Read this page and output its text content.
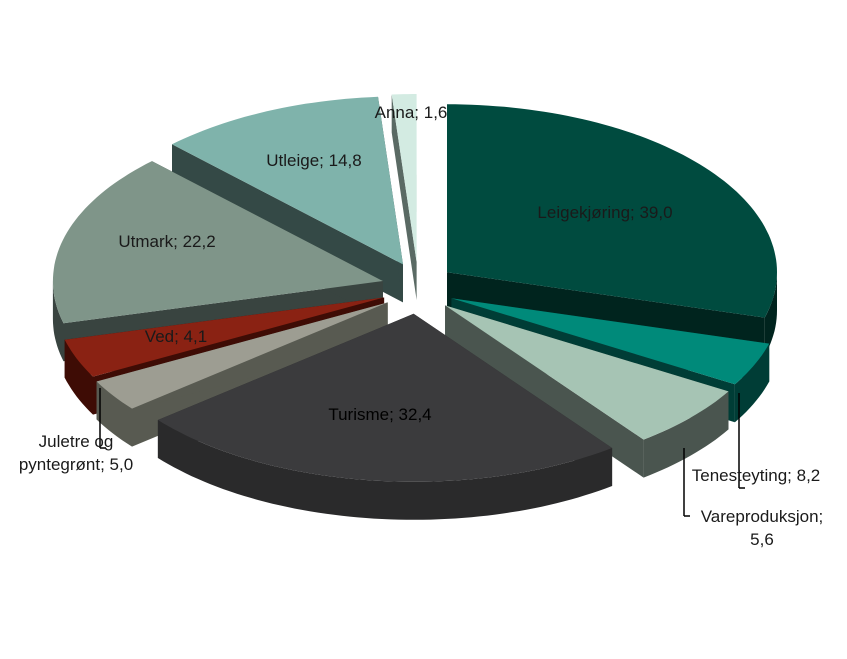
Leigekjøring; 39,0
Vareproduksjon;
5,6
Tenesteyting; 8,2
Turisme; 32,4
Ved; 4,1
Juletre og
pyntegrønt; 5,0
Utmark; 22,2
Utleige; 14,8
Anna; 1,6
